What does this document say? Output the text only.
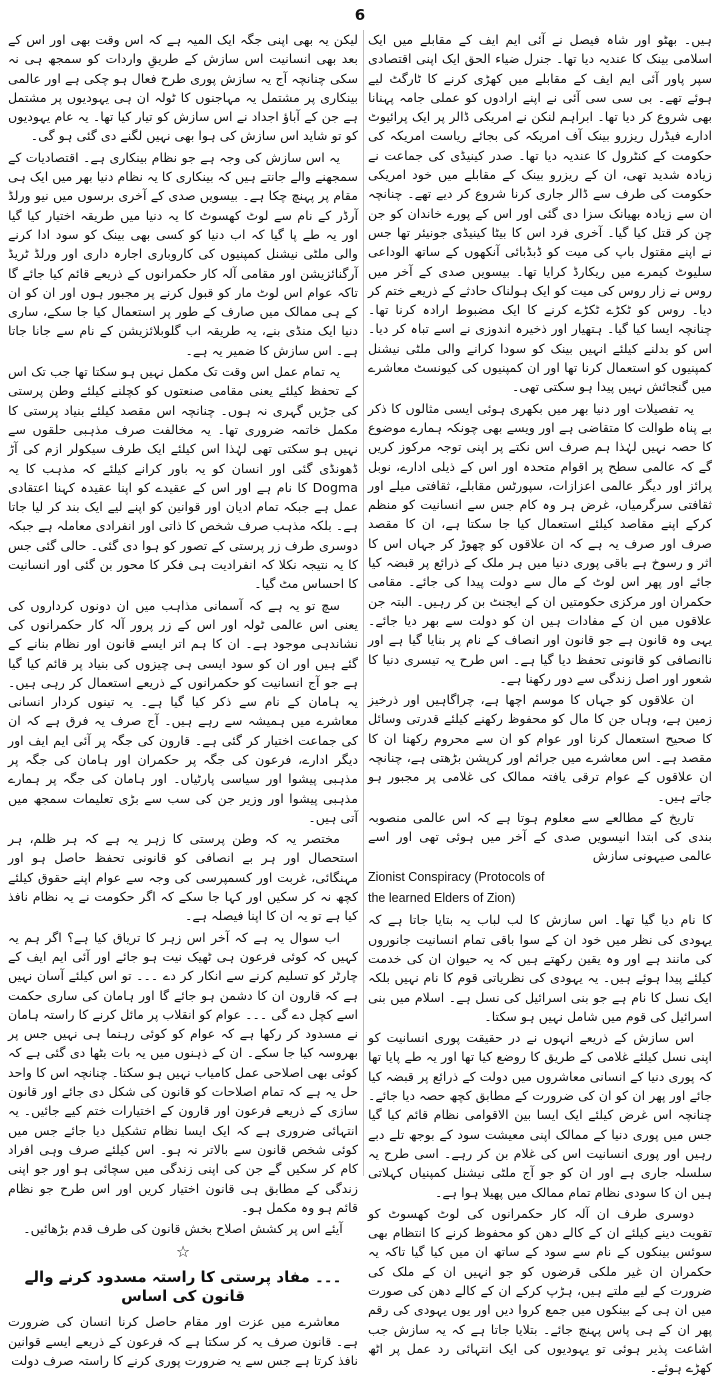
6

ہیں۔ بھٹو اور شاہ فیصل نے آئی ایم ایف کے مقابلے میں ایک اسلامی بینک کا عندیہ دیا تھا۔ جنرل ضیاء الحق ایک اپنی اقتصادی سپر پاور آئی ایم ایف کے مقابلے میں کھڑی کرنے کا ٹارگٹ لیے ہوئے تھے۔ بی سی سی آئی نے اپنے ارادوں کو عملی جامہ پہنانا بھی شروع کر دیا تھا۔ ابراہم لنکن نے امریکی ڈالر پر ایک پرائیوٹ ادارے فیڈرل ریزرو بینک آف امریکہ کی بجائے ریاست امریکہ کی حکومت کے کنٹرول کا عندیہ دیا تھا۔ صدر کینیڈی کی جماعت نے زیادہ شدید تھی، ان کے ریزرو بینک کے مقابلے میں خود امریکی حکومت کی طرف سے ڈالر جاری کرنا شروع کر دیے تھے۔ چنانچہ ان سے زیادہ بھیانک سزا دی گئی اور اس کے پورے خاندان کو جن چن کر قتل کیا گیا۔ آخری فرد اس کا بیٹا کینیڈی جونیئر تھا جس نے اپنے مقتول باپ کی میت کو ڈبڈبائی آنکھوں کے ساتھ الوداعی سلیوٹ کیمرے میں ریکارڈ کرایا تھا۔ بیسویں صدی کے آخر میں روس نے زار روس کی میت کو ایک ہولناک حادثے کے ذریعے ختم کر دیا۔ روس کو ٹکڑے ٹکڑے کرنے کا ایک مضبوط ارادہ کرنا تھا۔ چنانچہ ایسا کیا گیا۔ ہتھیار اور ذخیرہ اندوزی نے اسے تباہ کر دیا۔ اس کو بدلنے کیلئے انہیں بینک کو سودا کرانے والی ملٹی نیشنل کمپنیوں کو استعمال کرنا تھا اور ان کمپنیوں کی کیونسٹ معاشرے میں گنجائش نہیں پیدا ہو سکتی تھی۔

یہ تفصیلات اور دنیا بھر میں بکھری ہوئی ایسی مثالوں کا ذکر بے پناہ طوالت کا متقاضی ہے اور ویسے بھی چونکہ ہمارے موضوع کا حصہ نہیں لہٰذا ہم صرف اس نکتے پر اپنی توجہ مرکوز کریں گے کہ عالمی سطح پر اقوام متحدہ اور اس کے ذیلی ادارے، نوبل پرائز اور دیگر عالمی اعزازات، سپورٹس مقابلے، ثقافتی میلے اور ثقافتی سرگرمیاں، غرض ہر وہ کام جس سے انسانیت کو منظم کرکے اپنے مقاصد کیلئے استعمال کیا جا سکتا ہے، ان کا مقصد صرف اور صرف یہ ہے کہ ان علاقوں کو چھوڑ کر جہاں اس کا اثر و رسوخ ہے باقی پوری دنیا میں ہر ملک کے ذرائع پر قبضہ کیا جائے اور پھر اس لوٹ کے مال سے دولت پیدا کی جائے۔ مقامی حکمران اور مرکزی حکومتیں ان کے ایجنٹ بن کر رہیں۔ البتہ جن علاقوں میں ان کے مفادات ہیں ان کو دولت سے بھر دیا جائے۔ یہی وہ قانون ہے جو قانون اور انصاف کے نام پر بنایا گیا ہے اور ناانصافی کو قانونی تحفظ دیا گیا ہے۔ اس طرح یہ تیسری دنیا کا شعور اور اصل زندگی سے دور رکھنا ہے۔

ان علاقوں کو جہاں کا موسم اچھا ہے، چراگاہیں اور ذرخیز زمین ہے، وہاں جن کا مال کو محفوظ رکھنے کیلئے قدرتی وسائل کا صحیح استعمال کرنا اور عوام کو ان سے محروم رکھنا ان کا مقصد ہے۔ اس معاشرے میں جرائم اور کرپشن بڑھتی ہے، چنانچہ ان علاقوں کے عوام ترقی یافتہ ممالک کی غلامی پر مجبور ہو جاتے ہیں۔

تاریخ کے مطالعے سے معلوم ہوتا ہے کہ اس عالمی منصوبہ بندی کی ابتدا انیسویں صدی کے آخر میں ہوئی تھی اور اسے عالمی صیہونی سازش

Zionist Conspiracy (Protocols of

the learned Elders of Zion)

کا نام دیا گیا تھا۔ اس سازش کا لب لباب یہ بتایا جاتا ہے کہ یہودی کی نظر میں خود ان کے سوا باقی تمام انسانیت جانوروں کی مانند ہے اور وہ یقین رکھتے ہیں کہ یہ حیوان ان کی خدمت کیلئے پیدا ہوئے ہیں۔ یہ یہودی کی نظریاتی قوم کا نام نہیں بلکہ ایک نسل کا نام ہے جو بنی اسرائیل کی نسل ہے۔ اسلام میں بنی اسرائیل کی قوم میں شامل نہیں ہو سکتا۔

اس سازش کے ذریعے انہوں نے در حقیقت پوری انسانیت کو اپنی نسل کیلئے غلامی کے طریق کا روضع کیا تھا اور یہ طے پایا تھا کہ پوری دنیا کے انسانی معاشروں میں دولت کے ذرائع پر قبضہ کیا جائے اور پھر ان کو ان کی ضرورت کے مطابق کچھ حصہ دیا جائے۔ چنانچہ اس غرض کیلئے ایک ایسا بین الاقوامی نظام قائم کیا گیا جس میں پوری دنیا کے ممالک اپنی معیشت سود کے بوجھ تلے دبے رہیں اور پوری انسانیت اس کی غلام بن کر رہے۔ اسی طرح یہ سلسلہ جاری ہے اور ان کو جو آج ملٹی نیشنل کمپنیاں کہلاتی ہیں ان کا سودی نظام تمام ممالک میں پھیلا ہوا ہے۔

دوسری طرف ان آلہ کار حکمرانوں کی لوٹ کھسوٹ کو تقویت دینے کیلئے ان کے کالے دھن کو محفوظ کرنے کا انتظام بھی سوئس بینکوں کے نام سے سود کے ساتھ ان میں کیا گیا تاکہ یہ حکمران ان غیر ملکی قرضوں کو جو انہیں ان کے ملک کی ضرورت کے لیے ملتے ہیں، ہڑپ کرکے ان کے کالے دھن کی صورت میں ان ہی کے بینکوں میں جمع کروا دیں اور یوں یہودی کی رقم پھر ان کے ہی پاس پہنچ جائے۔ بتلایا جاتا ہے کہ یہ سازش جب اشاعت پذیر ہوئی تو یہودیوں کی ایک انتہائی رد عمل پر اٹھ کھڑے ہوئے۔

لیکن یہ بھی اپنی جگہ ایک المیہ ہے کہ اس وقت بھی اور اس کے بعد بھی انسانیت اس سازش کے طریقِ واردات کو سمجھ ہی نہ سکی چنانچہ آج یہ سازش پوری طرح فعال ہو چکی ہے اور عالمی بینکاری پر مشتمل یہ مہاجنوں کا ٹولہ ان ہی یہودیوں پر مشتمل ہے جن کے آباؤ اجداد نے اس سازش کو تیار کیا تھا۔ یہ عام یہودیوں کو تو شاید اس سازش کی ہوا بھی نہیں لگنے دی گئی ہو گی۔

یہ اس سازش کی وجہ ہے جو نظام بینکاری ہے۔ اقتصادیات کے سمجھنے والے جانتے ہیں کہ بینکاری کا یہ نظام دنیا بھر میں ایک ہی مقام پر پہنچ چکا ہے۔ بیسویں صدی کے آخری برسوں میں نیو ورلڈ آرڈر کے نام سے لوٹ کھسوٹ کا یہ دنیا میں طریقہ اختیار کیا گیا اور یہ طے پا گیا کہ اب دنیا کو کسی بھی بینک کو سود ادا کرنے والی ملٹی نیشنل کمپنیوں کی کاروباری اجارہ داری اور ورلڈ ٹریڈ آرگنائزیشن اور مقامی آلہ کار حکمرانوں کے ذریعے قائم کیا جائے گا تاکہ عوام اس لوٹ مار کو قبول کرنے پر مجبور ہوں اور ان کو ان کے ہی ممالک میں صارف کے طور پر استعمال کیا جا سکے، ساری دنیا ایک منڈی بنے، یہ طریقہ اب گلوبلائزیشن کے نام سے جانا جاتا ہے۔ اس سازش کا ضمیر یہ ہے۔

یہ تمام عمل اس وقت تک مکمل نہیں ہو سکتا تھا جب تک اس کے تحفظ کیلئے یعنی مقامی صنعتوں کو کچلنے کیلئے وطن پرستی کی جڑیں گہری نہ ہوں۔ چنانچہ اس مقصد کیلئے بنیاد پرستی کا مکمل خاتمہ ضروری تھا۔ یہ مخالفت صرف مذہبی حلقوں سے نہیں ہو سکتی تھی لہٰذا اس کیلئے ایک طرف سیکولر ازم کی آڑ ڈھونڈی گئی اور انسان کو یہ باور کرانے کیلئے کہ مذہب کا یہ Dogma کا نام ہے اور اس کے عقیدے کو اپنا عقیدہ کہنا اعتقادی عمل ہے جبکہ تمام ادیان اور قوانین کو اپنے لیے ایک بند کر لیا جاتا ہے۔ بلکہ مذہب صرف شخص کا ذاتی اور انفرادی معاملہ ہے جبکہ دوسری طرف زر پرستی کے تصور کو ہوا دی گئی۔ حالی گئی جس کا یہ نتیجہ نکلا کہ انفرادیت ہی فکر کا محور بن گئی اور انسانیت کا احساس مٹ گیا۔

سچ تو یہ ہے کہ آسمانی مذاہب میں ان دونوں کرداروں کی یعنی اس عالمی ٹولہ اور اس کے زر پرور آلہ کار حکمرانوں کی نشاندہی موجود ہے۔ ان کا ہم اتر ایسے قانون اور نظام بنانے کے گئے ہیں اور ان کو سود ایسی ہی چیزوں کی بنیاد پر قائم کیا گیا ہے جو آج انسانیت کو حکمرانوں کے ذریعے استعمال کر رہی ہیں۔ یہ ہامان کے نام سے ذکر کیا گیا ہے۔ یہ تینوں کردار انسانی معاشرے میں ہمیشہ سے رہے ہیں۔ آج صرف یہ فرق ہے کہ ان کی جماعت اختیار کر گئی ہے۔ قارون کی جگہ پر آئی ایم ایف اور دیگر ادارے، فرعون کی جگہ پر حکمران اور ہامان کی جگہ پر مذہبی پیشوا اور سیاسی پارٹیاں۔ اور ہامان کی جگہ پر ہمارے مذہبی پیشوا اور وزیر جن کی سب سے بڑی تعلیمات سمجھ میں آتی ہیں۔

مختصر یہ کہ وطن پرستی کا زہر یہ ہے کہ ہر ظلم، ہر استحصال اور ہر بے انصافی کو قانونی تحفظ حاصل ہو اور مہنگائی، غربت اور کسمپرسی کی وجہ سے عوام اپنے حقوق کیلئے کچھ نہ کر سکیں اور کہا جا سکے کہ اگر حکومت نے یہ نظام نافذ کیا ہے تو یہ ان کا اپنا فیصلہ ہے۔

اب سوال یہ ہے کہ آخر اس زہر کا تریاق کیا ہے؟ اگر ہم یہ کہیں کہ کوئی فرعون ہی ٹھیک نیت ہو جائے اور آئی ایم ایف کے چارٹر کو تسلیم کرنے سے انکار کر دے ۔۔۔ تو اس کیلئے آسان نہیں ہے کہ قارون ان کا دشمن ہو جائے گا اور ہامان کی ساری حکمت اسے کچل دے گی ۔۔۔ عوام کو انقلاب پر مائل کرنے کا راستہ ہامان نے مسدود کر رکھا ہے کہ عوام کو کوئی رہنما ہی نہیں جس پر بھروسہ کیا جا سکے۔ ان کے ذہنوں میں یہ بات بٹھا دی گئی ہے کہ کوئی بھی اصلاحی عمل کامیاب نہیں ہو سکتا۔ چنانچہ اس کا واحد حل یہ ہے کہ تمام اصلاحات کو قانون کی شکل دی جائے اور قانون سازی کے ذریعے فرعون اور قارون کے اختیارات ختم کیے جائیں۔ یہ انتہائی ضروری ہے کہ ایک ایسا نظام تشکیل دیا جائے جس میں کوئی شخص قانون سے بالاتر نہ ہو۔ اس کیلئے صرف وہی افراد کام کر سکیں گے جن کی اپنی زندگی میں سچائی ہو اور جو اپنی زندگی کے مطابق ہی قانون اختیار کریں اور اس طرح جو نظام قائم ہو وہ مکمل ہو۔

آیئے اس پر کشش اصلاح بخش قانون کی طرف قدم بڑھائیں۔

☆
۔۔۔ مفاد پرستی کا راستہ مسدود کرنے والے قانون کی اساس

معاشرے میں عزت اور مقام حاصل کرنا انسان کی ضرورت ہے۔ قانون صرف یہ کر سکتا ہے کہ فرعون کے ذریعے ایسے قوانین نافذ کرتا ہے جس سے یہ ضرورت پوری کرنے کا راستہ صرف دولت
